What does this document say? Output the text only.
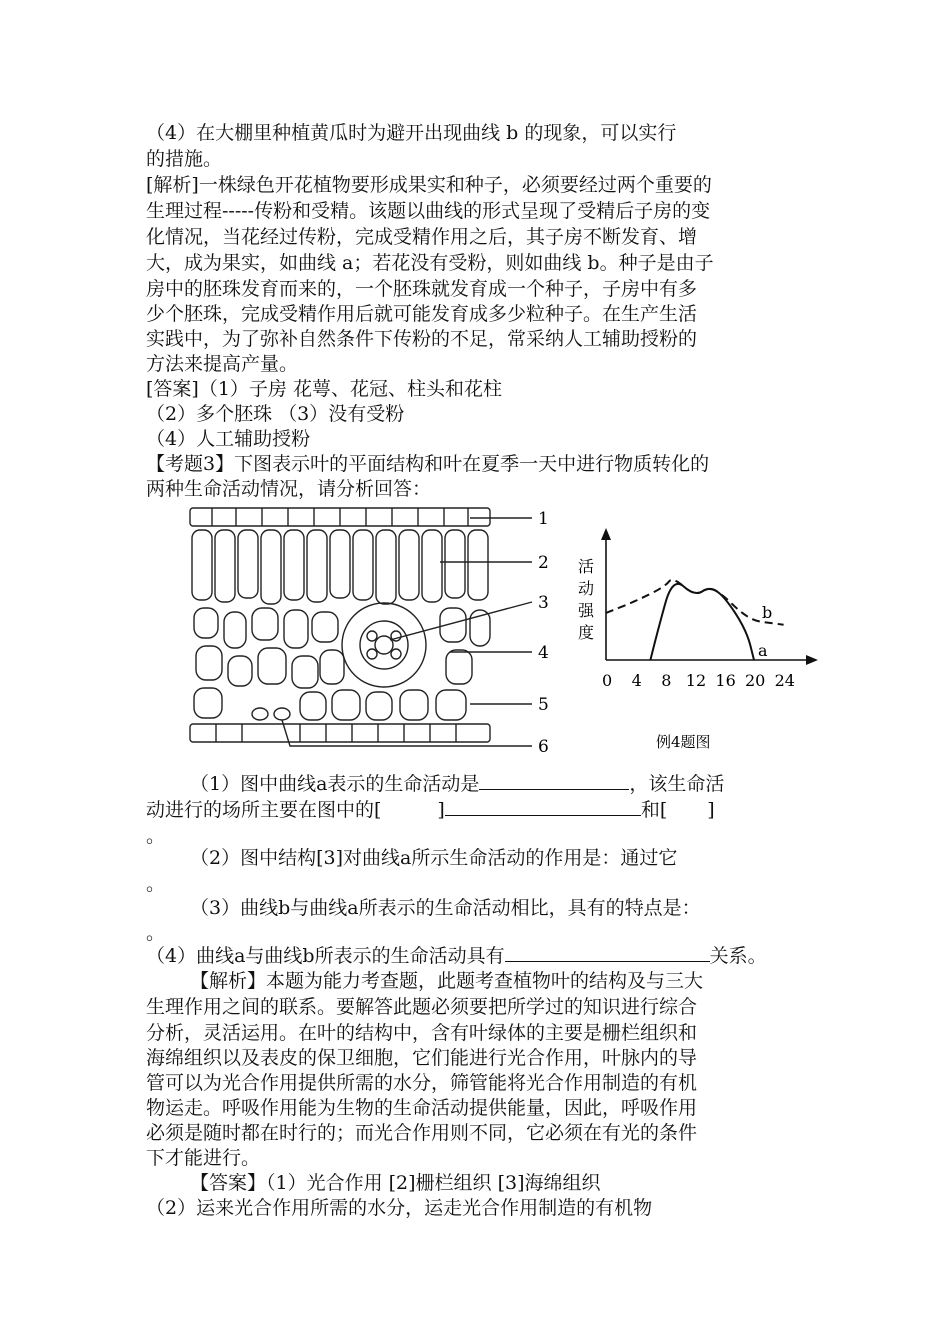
（4）在大棚里种植黄瓜时为避开出现曲线 b 的现象，可以实行
的措施。
[解析]一株绿色开花植物要形成果实和种子，必须要经过两个重要的
生理过程-----传粉和受精。该题以曲线的形式呈现了受精后子房的变
化情况，当花经过传粉，完成受精作用之后，其子房不断发育、增
大，成为果实，如曲线 a；若花没有受粉，则如曲线 b。种子是由子
房中的胚珠发育而来的，一个胚珠就发育成一个种子，子房中有多
少个胚珠，完成受精作用后就可能发育成多少粒种子。在生产生活
实践中，为了弥补自然条件下传粉的不足，常采纳人工辅助授粉的
方法来提高产量。
[答案]（1）子房 花萼、花冠、柱头和花柱
（2）多个胚珠 （3）没有受粉
（4）人工辅助授粉
【考题3】下图表示叶的平面结构和叶在夏季一天中进行物质转化的
两种生命活动情况，请分析回答：
1
2
3
4
5
6
活
动
强
度
0 4 8 12 16 20 24
b
a
例4题图
（1）图中曲线a表示的生命活动是	，该生命活
动进行的场所主要在图中的[	]	和[ ]
。
（2）图中结构[3]对曲线a所示生命活动的作用是：通过它
。
（3）曲线b与曲线a所表示的生命活动相比，具有的特点是：
。
（4）曲线a与曲线b所表示的生命活动具有	关系。
【解析】本题为能力考查题，此题考查植物叶的结构及与三大
生理作用之间的联系。要解答此题必须要把所学过的知识进行综合
分析，灵活运用。在叶的结构中，含有叶绿体的主要是栅栏组织和
海绵组织以及表皮的保卫细胞，它们能进行光合作用，叶脉内的导
管可以为光合作用提供所需的水分，筛管能将光合作用制造的有机
物运走。呼吸作用能为生物的生命活动提供能量，因此，呼吸作用
必须是随时都在时行的；而光合作用则不同，它必须在有光的条件
下才能进行。
【答案】（1）光合作用 [2]栅栏组织 [3]海绵组织
（2）运来光合作用所需的水分，运走光合作用制造的有机物
